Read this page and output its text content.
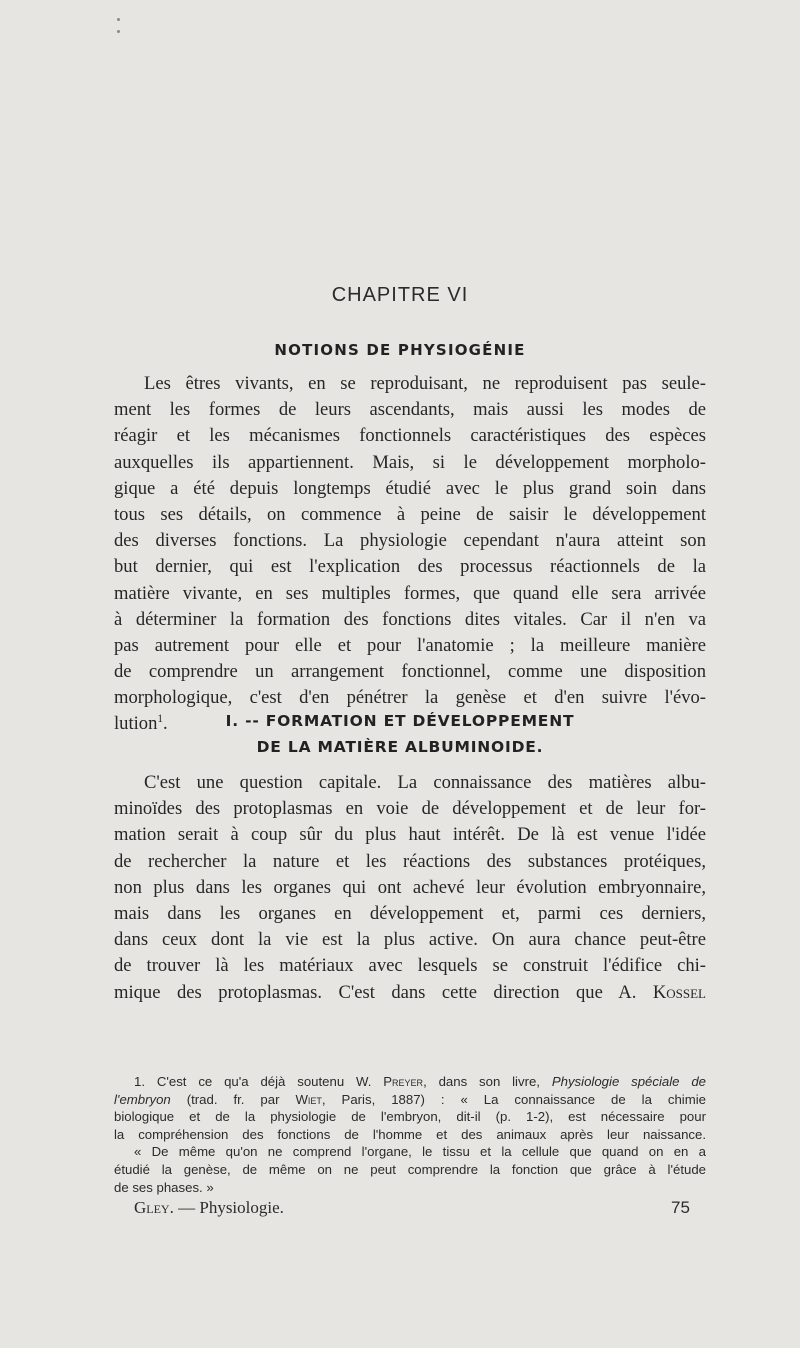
CHAPITRE VI
NOTIONS DE PHYSIOGÉNIE
Les êtres vivants, en se reproduisant, ne reproduisent pas seule-
ment les formes de leurs ascendants, mais aussi les modes de
réagir et les mécanismes fonctionnels caractéristiques des espèces
auxquelles ils appartiennent. Mais, si le développement morpholo-
gique a été depuis longtemps étudié avec le plus grand soin dans
tous ses détails, on commence à peine de saisir le développement
des diverses fonctions. La physiologie cependant n'aura atteint son
but dernier, qui est l'explication des processus réactionnels de la
matière vivante, en ses multiples formes, que quand elle sera arrivée
à déterminer la formation des fonctions dites vitales. Car il n'en va
pas autrement pour elle et pour l'anatomie ; la meilleure manière
de comprendre un arrangement fonctionnel, comme une disposition
morphologique, c'est d'en pénétrer la genèse et d'en suivre l'évo-
lution$^1$.	I. -- FORMATION ET DÉVELOPPEMENT
DE LA MATIÈRE ALBUMINOIDE.
C'est une question capitale. La connaissance des matières albu-
minoïdes des protoplasmas en voie de développement et de leur for-
mation serait à coup sûr du plus haut intérêt. De là est venue l'idée
de rechercher la nature et les réactions des substances protéiques,
non plus dans les organes qui ont achevé leur évolution embryonnaire,
mais dans les organes en développement et, parmi ces derniers,
dans ceux dont la vie est la plus active. On aura chance peut-être
de trouver là les matériaux avec lesquels se construit l'édifice chi-
mique des protoplasmas. C'est dans cette direction que A. Kossel
1. C'est ce qu'a déjà soutenu W. Preyer, dans son livre, Physiologie spéciale de
l'embryon (trad. fr. par Wiet, Paris, 1887) : « La connaissance de la chimie
biologique et de la physiologie de l'embryon, dit-il (p. 1-2), est nécessaire pour
la compréhension des fonctions de l'homme et des animaux après leur naissance.
« De même qu'on ne comprend l'organe, le tissu et la cellule que quand on en a
étudié la genèse, de même on ne peut comprendre la fonction que grâce à l'étude
de ses phases. »
Gley. — Physiologie.	75
